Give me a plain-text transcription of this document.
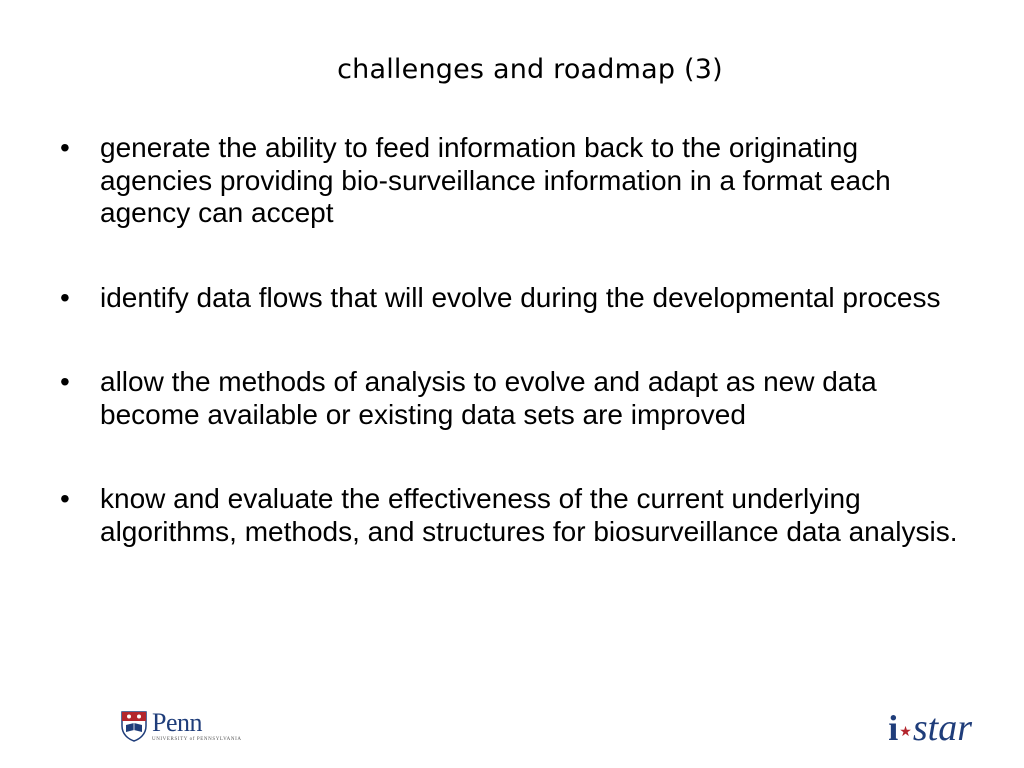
challenges and roadmap (3)
•	generate the ability to feed information back to the originating agencies providing bio-surveillance information in a format each agency can accept
•	identify data flows that will evolve during the developmental process
•	allow the methods of analysis to evolve and adapt as new data become available or existing data sets are improved
•	know and evaluate the effectiveness of the current underlying algorithms, methods, and structures for biosurveillance data analysis.
Penn
UNIVERSITY of PENNSYLVANIA	i ★ star
